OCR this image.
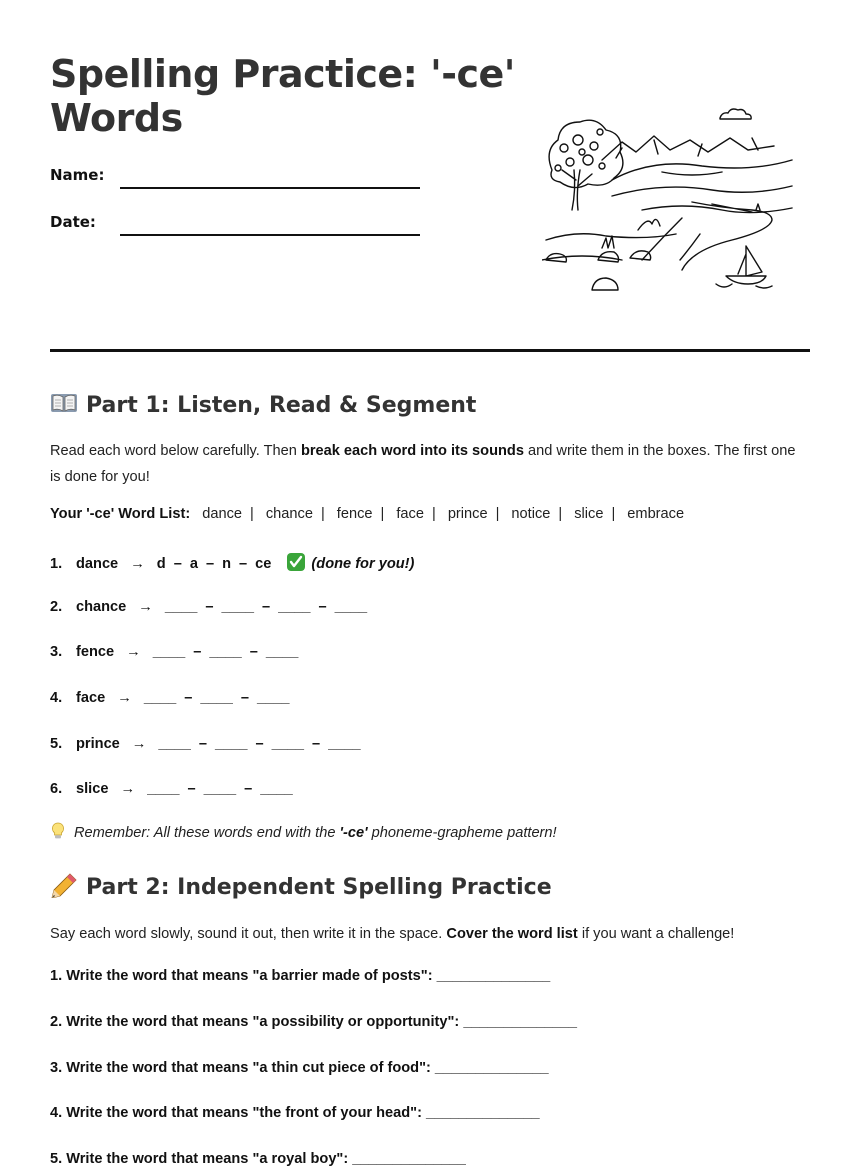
Spelling Practice: '-ce' Words
Name:
Date:
Part 1: Listen, Read & Segment

Read each word below carefully. Then break each word into its sounds and write them in the boxes. The first one is done for you!

Your '-ce' Word List: dance | chance | fence | face | prince | notice | slice | embrace
1. dance → d – a – n – ce	(done for you!)
2. chance → ____ – ____ – ____ – ____
3. fence → ____ – ____ – ____
4. face → ____ – ____ – ____
5. prince → ____ – ____ – ____ – ____
6. slice → ____ – ____ – ____
Remember: All these words end with the '-ce' phoneme-grapheme pattern!
Part 2: Independent Spelling Practice

Say each word slowly, sound it out, then write it in the space. Cover the word list if you want a challenge!

1. Write the word that means "a barrier made of posts": ______________
2. Write the word that means "a possibility or opportunity": ______________
3. Write the word that means "a thin cut piece of food": ______________
4. Write the word that means "the front of your head": ______________
5. Write the word that means "a royal boy": ______________
